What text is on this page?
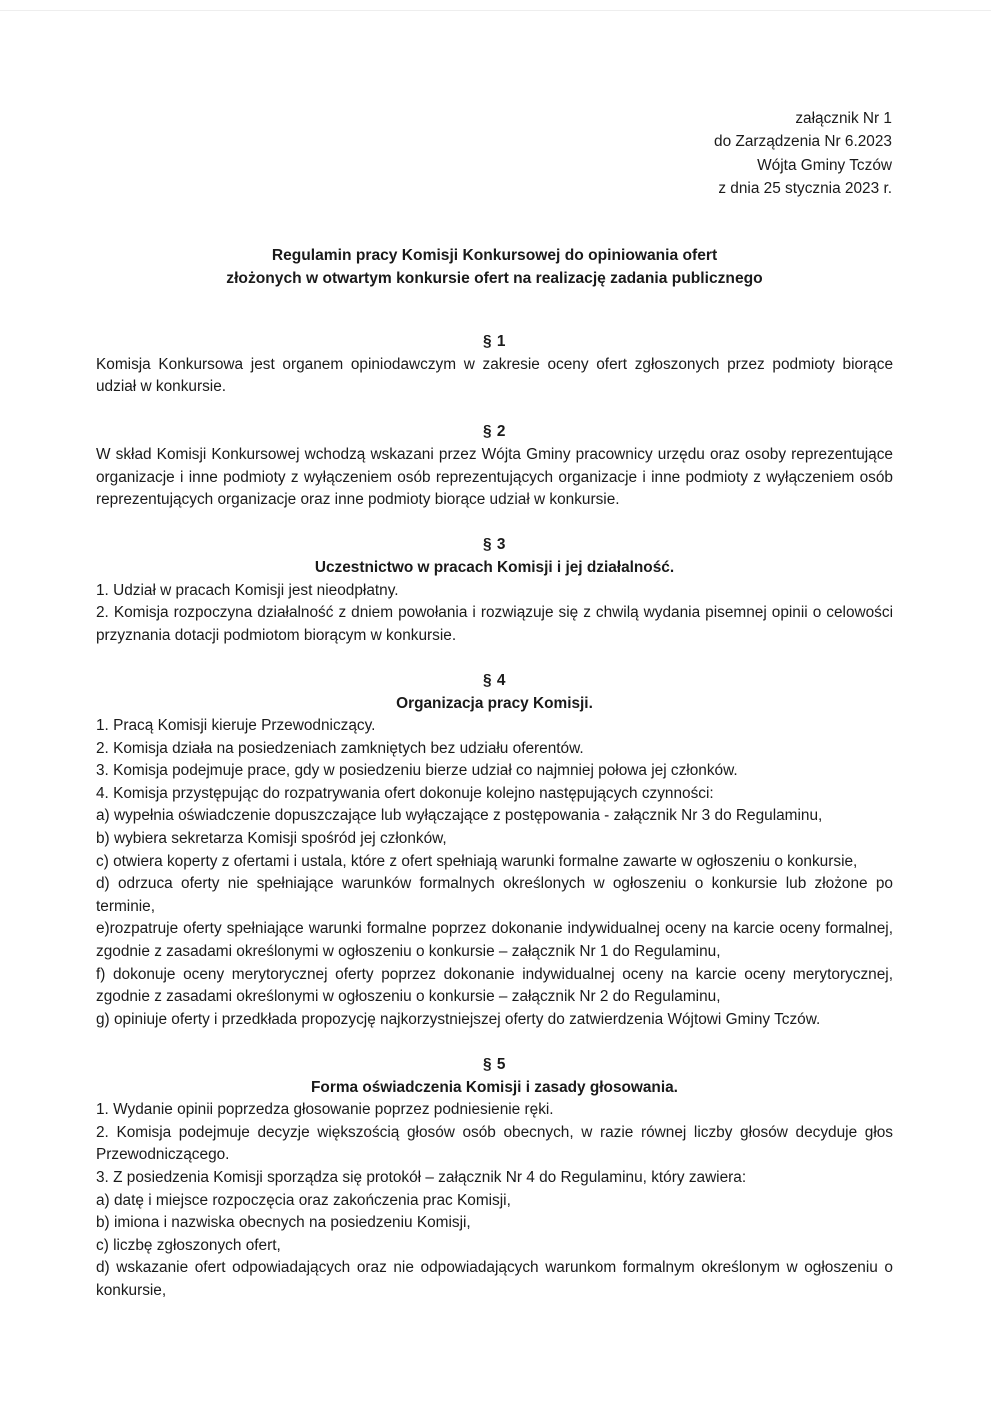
załącznik Nr 1
do Zarządzenia Nr 6.2023
Wójta Gminy Tczów
z dnia 25 stycznia 2023 r.
Regulamin pracy Komisji Konkursowej do opiniowania ofert
złożonych w otwartym konkursie ofert na realizację zadania publicznego
§ 1
Komisja Konkursowa jest organem opiniodawczym w zakresie oceny ofert zgłoszonych przez podmioty biorące udział w konkursie.
§ 2
W skład Komisji Konkursowej wchodzą wskazani przez Wójta Gminy pracownicy urzędu oraz osoby reprezentujące organizacje i inne podmioty z wyłączeniem osób reprezentujących organizacje i inne podmioty z wyłączeniem osób reprezentujących organizacje oraz inne podmioty biorące udział w konkursie.
§ 3
Uczestnictwo w pracach Komisji i jej działalność.
1. Udział w pracach Komisji jest nieodpłatny.
2. Komisja rozpoczyna działalność z dniem powołania i rozwiązuje się z chwilą wydania pisemnej opinii o celowości przyznania dotacji podmiotom biorącym w konkursie.
§ 4
Organizacja pracy Komisji.
1. Pracą Komisji kieruje Przewodniczący.
2. Komisja działa na posiedzeniach zamkniętych bez udziału oferentów.
3. Komisja podejmuje prace, gdy w posiedzeniu bierze udział co najmniej połowa jej członków.
4. Komisja przystępując do rozpatrywania ofert dokonuje kolejno następujących czynności:
a) wypełnia oświadczenie dopuszczające lub wyłączające z postępowania - załącznik Nr 3 do Regulaminu,
b) wybiera sekretarza Komisji spośród jej członków,
c) otwiera koperty z ofertami i ustala, które z ofert spełniają warunki formalne zawarte w ogłoszeniu o konkursie,
d) odrzuca oferty nie spełniające warunków formalnych określonych w ogłoszeniu o konkursie lub złożone po terminie,
e)rozpatruje oferty spełniające warunki formalne poprzez dokonanie indywidualnej oceny na karcie oceny formalnej, zgodnie z zasadami określonymi w ogłoszeniu o konkursie – załącznik Nr 1 do Regulaminu,
f) dokonuje oceny merytorycznej oferty poprzez dokonanie indywidualnej oceny na karcie oceny merytorycznej, zgodnie z zasadami określonymi w ogłoszeniu o konkursie – załącznik Nr 2 do Regulaminu,
g) opiniuje oferty i przedkłada propozycję najkorzystniejszej oferty do zatwierdzenia Wójtowi Gminy Tczów.
§ 5
Forma oświadczenia Komisji i zasady głosowania.
1. Wydanie opinii poprzedza głosowanie poprzez podniesienie ręki.
2. Komisja podejmuje decyzje większością głosów osób obecnych, w razie równej liczby głosów decyduje głos Przewodniczącego.
3. Z posiedzenia Komisji sporządza się protokół – załącznik Nr 4 do Regulaminu, który zawiera:
a) datę i miejsce rozpoczęcia oraz zakończenia prac Komisji,
b) imiona i nazwiska obecnych na posiedzeniu Komisji,
c) liczbę zgłoszonych ofert,
d) wskazanie ofert odpowiadających oraz nie odpowiadających warunkom formalnym określonym w ogłoszeniu o konkursie,
